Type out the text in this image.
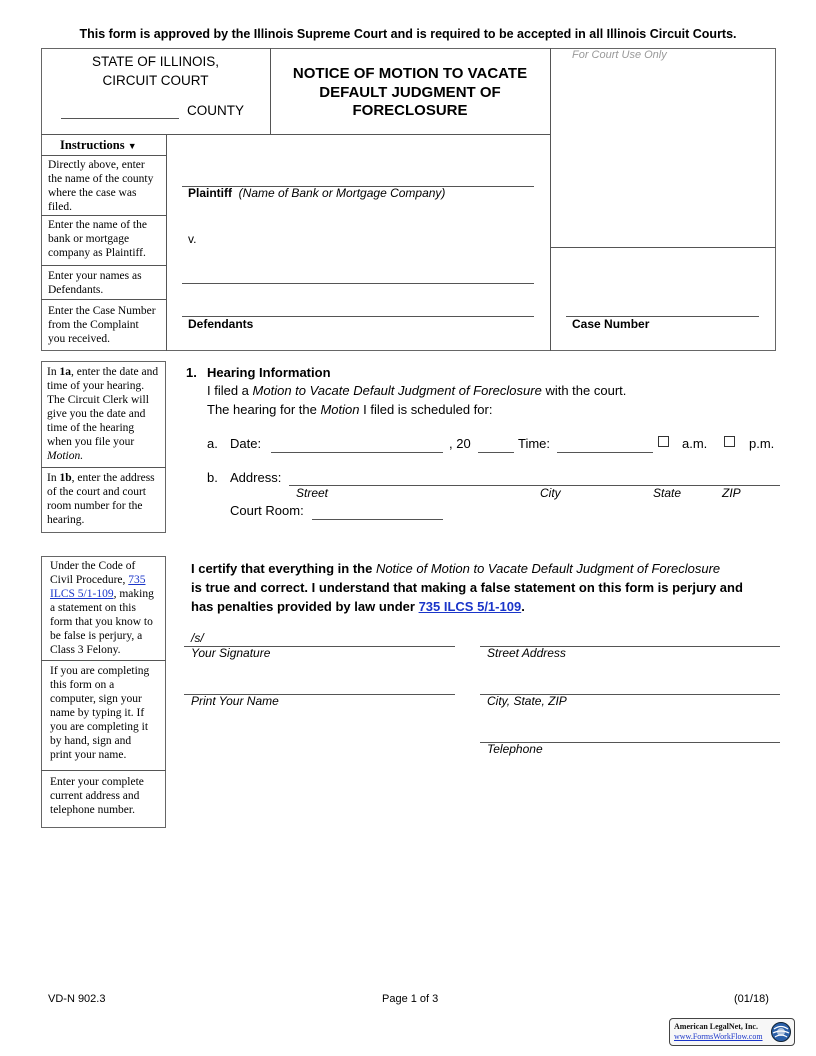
This form is approved by the Illinois Supreme Court and is required to be accepted in all Illinois Circuit Courts.
STATE OF ILLINOIS,
CIRCUIT COURT
COUNTY
NOTICE OF MOTION TO VACATE
DEFAULT JUDGMENT OF
FORECLOSURE
For Court Use Only
Instructions ▼
Directly above, enter
the name of the county
where the case was
filed.
Enter the name of the
bank or mortgage
company as Plaintiff.
Enter your names as
Defendants.
Enter the Case Number
from the Complaint
you received.
Plaintiff (Name of Bank or Mortgage Company)
v.
Defendants	Case Number
In 1a, enter the date and
time of your hearing.
The Circuit Clerk will
give you the date and
time of the hearing
when you file your
Motion.
In 1b, enter the address
of the court and court
room number for the
hearing.
1. Hearing Information
I filed a Motion to Vacate Default Judgment of Foreclosure with the court.
The hearing for the Motion I filed is scheduled for:
a. Date:	, 20	Time:	a.m.	p.m.
b. Address:
Street	City	State	ZIP
Court Room:
Under the Code of
Civil Procedure, 735
ILCS 5/1-109, making
a statement on this
form that you know to
be false is perjury, a
Class 3 Felony.
If you are completing
this form on a
computer, sign your
name by typing it. If
you are completing it
by hand, sign and
print your name.
Enter your complete
current address and
telephone number.
I certify that everything in the Notice of Motion to Vacate Default Judgment of Foreclosure
is true and correct. I understand that making a false statement on this form is perjury and
has penalties provided by law under 735 ILCS 5/1-109.
/s/
Your Signature	Street Address
Print Your Name	City, State, ZIP
Telephone
VD-N 902.3	Page 1 of 3	(01/18)
American LegalNet, Inc.
www.FormsWorkFlow.com
